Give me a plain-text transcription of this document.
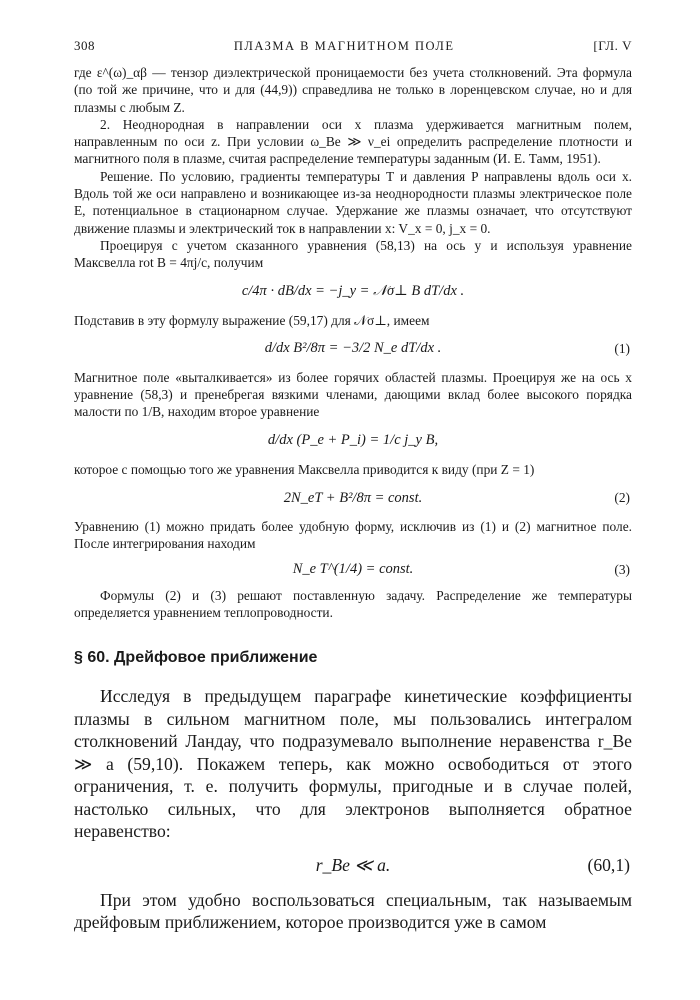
308	ПЛАЗМА В МАГНИТНОМ ПОЛЕ	[ГЛ. V

где ε^(ω)_αβ — тензор диэлектрической проницаемости без учета столкновений. Эта формула (по той же причине, что и для (44,9)) справедлива не только в лоренцевском случае, но и для плазмы с любым Z.

2. Неоднородная в направлении оси x плазма удерживается магнитным полем, направленным по оси z. При условии ω_Be ≫ ν_ei определить распределение плотности и магнитного поля в плазме, считая распределение температуры заданным (И. Е. Тамм, 1951).

Решение. По условию, градиенты температуры T и давления P направлены вдоль оси x. Вдоль той же оси направлено и возникающее из-за неоднородности плазмы электрическое поле E, потенциальное в стационарном случае. Удержание же плазмы означает, что отсутствуют движение плазмы и электрический ток в направлении x: V_x = 0, j_x = 0.

Проецируя с учетом сказанного уравнения (58,13) на ось y и используя уравнение Максвелла rot B = 4πj/c, получим

c/4π · dB/dx = −j_y = 𝒩σ⊥ B dT/dx .

Подставив в эту формулу выражение (59,17) для 𝒩σ⊥, имеем

d/dx B²/8π = −3/2 N_e dT/dx .	(1)

Магнитное поле «выталкивается» из более горячих областей плазмы. Проецируя же на ось x уравнение (58,3) и пренебрегая вязкими членами, дающими вклад более высокого порядка малости по 1/B, находим второе уравнение

d/dx (P_e + P_i) = 1/c j_y B,

которое с помощью того же уравнения Максвелла приводится к виду (при Z = 1)

2N_eT + B²/8π = const.	(2)

Уравнению (1) можно придать более удобную форму, исключив из (1) и (2) магнитное поле. После интегрирования находим

N_e T^(1/4) = const.	(3)

Формулы (2) и (3) решают поставленную задачу. Распределение же температуры определяется уравнением теплопроводности.

§ 60. Дрейфовое приближение

Исследуя в предыдущем параграфе кинетические коэффициенты плазмы в сильном магнитном поле, мы пользовались интегралом столкновений Ландау, что подразумевало выполнение неравенства r_Be ≫ a (59,10). Покажем теперь, как можно освободиться от этого ограничения, т. е. получить формулы, пригодные и в случае полей, настолько сильных, что для электронов выполняется обратное неравенство:

r_Be ≪ a.	(60,1)

При этом удобно воспользоваться специальным, так называемым дрейфовым приближением, которое производится уже в самом
